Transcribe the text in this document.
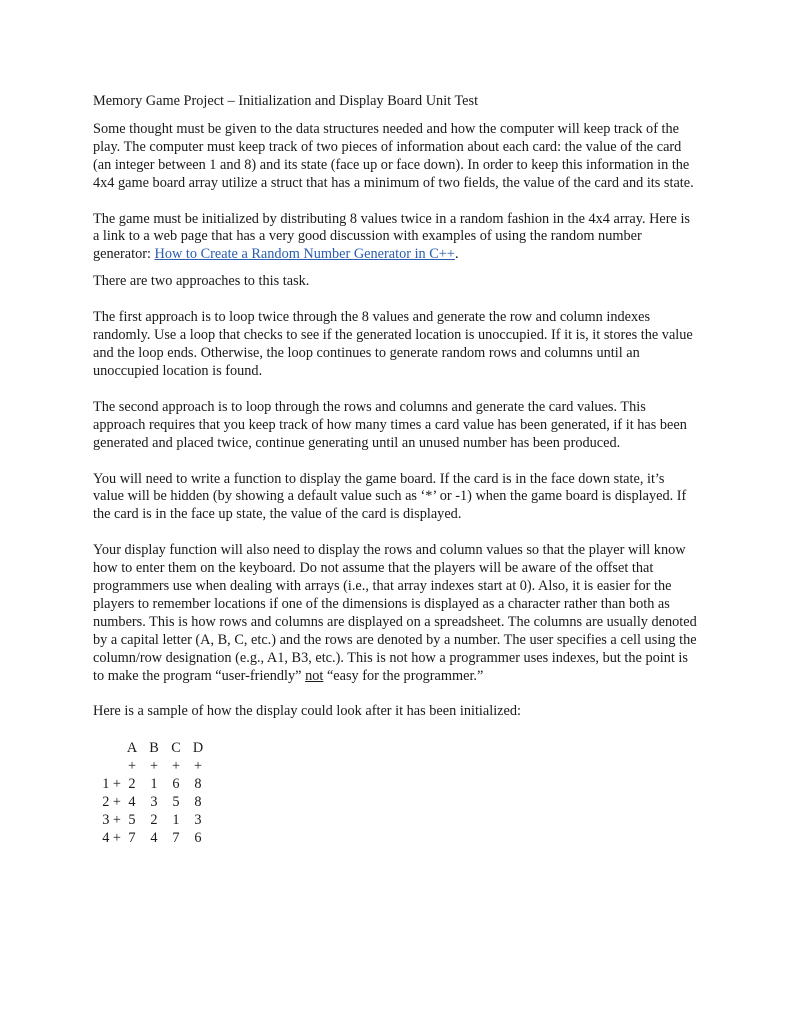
Memory Game Project – Initialization and Display Board Unit Test

Some thought must be given to the data structures needed and how the computer will keep track of the play. The computer must keep track of two pieces of information about each card: the value of the card (an integer between 1 and 8) and its state (face up or face down). In order to keep this information in the 4x4 game board array utilize a struct that has a minimum of two fields, the value of the card and its state.

The game must be initialized by distributing 8 values twice in a random fashion in the 4x4 array. Here is a link to a web page that has a very good discussion with examples of using the random number generator: How to Create a Random Number Generator in C++.

There are two approaches to this task.

The first approach is to loop twice through the 8 values and generate the row and column indexes randomly. Use a loop that checks to see if the generated location is unoccupied. If it is, it stores the value and the loop ends. Otherwise, the loop continues to generate random rows and columns until an unoccupied location is found.

The second approach is to loop through the rows and columns and generate the card values. This approach requires that you keep track of how many times a card value has been generated, if it has been generated and placed twice, continue generating until an unused number has been produced.

You will need to write a function to display the game board. If the card is in the face down state, it’s value will be hidden (by showing a default value such as ‘*’ or -1) when the game board is displayed. If the card is in the face up state, the value of the card is displayed.

Your display function will also need to display the rows and column values so that the player will know how to enter them on the keyboard. Do not assume that the players will be aware of the offset that programmers use when dealing with arrays (i.e., that array indexes start at 0). Also, it is easier for the players to remember locations if one of the dimensions is displayed as a character rather than both as numbers. This is how rows and columns are displayed on a spreadsheet. The columns are usually denoted by a capital letter (A, B, C, etc.) and the rows are denoted by a number. The user specifies a cell using the column/row designation (e.g., A1, B3, etc.). This is not how a programmer uses indexes, but the point is to make the program “user-friendly” not “easy for the programmer.”

Here is a sample of how the display could look after it has been initialized:

	A	B	C	D
	+	+	+	+
1 +	2	1	6	8
2 +	4	3	5	8
3 +	5	2	1	3
4 +	7	4	7	6
